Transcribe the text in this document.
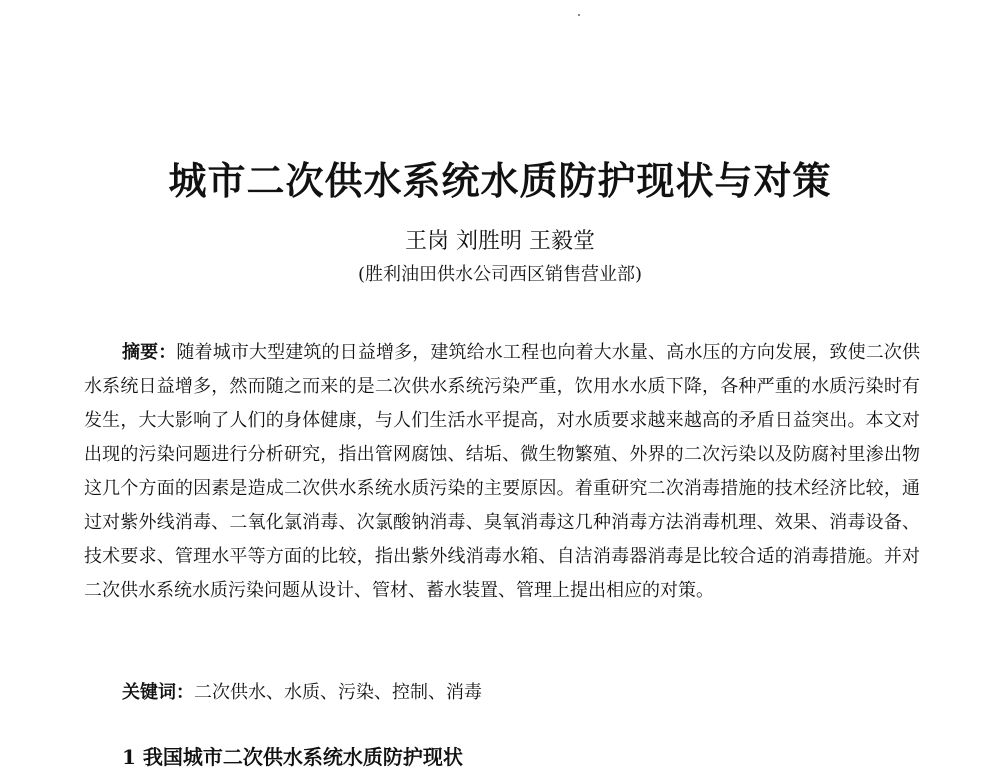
城市二次供水系统水质防护现状与对策
王岗 刘胜明 王毅堂
(胜利油田供水公司西区销售营业部)

摘要：随着城市大型建筑的日益增多，建筑给水工程也向着大水量、高水压的方向发展，致使二次供水系统日益增多，然而随之而来的是二次供水系统污染严重，饮用水水质下降，各种严重的水质污染时有发生，大大影响了人们的身体健康，与人们生活水平提高，对水质要求越来越高的矛盾日益突出。本文对出现的污染问题进行分析研究，指出管网腐蚀、结垢、微生物繁殖、外界的二次污染以及防腐衬里渗出物这几个方面的因素是造成二次供水系统水质污染的主要原因。着重研究二次消毒措施的技术经济比较，通过对紫外线消毒、二氧化氯消毒、次氯酸钠消毒、臭氧消毒这几种消毒方法消毒机理、效果、消毒设备、技术要求、管理水平等方面的比较，指出紫外线消毒水箱、自洁消毒器消毒是比较合适的消毒措施。并对二次供水系统水质污染问题从设计、管材、蓄水装置、管理上提出相应的对策。

关键词：二次供水、水质、污染、控制、消毒
1 我国城市二次供水系统水质防护现状
